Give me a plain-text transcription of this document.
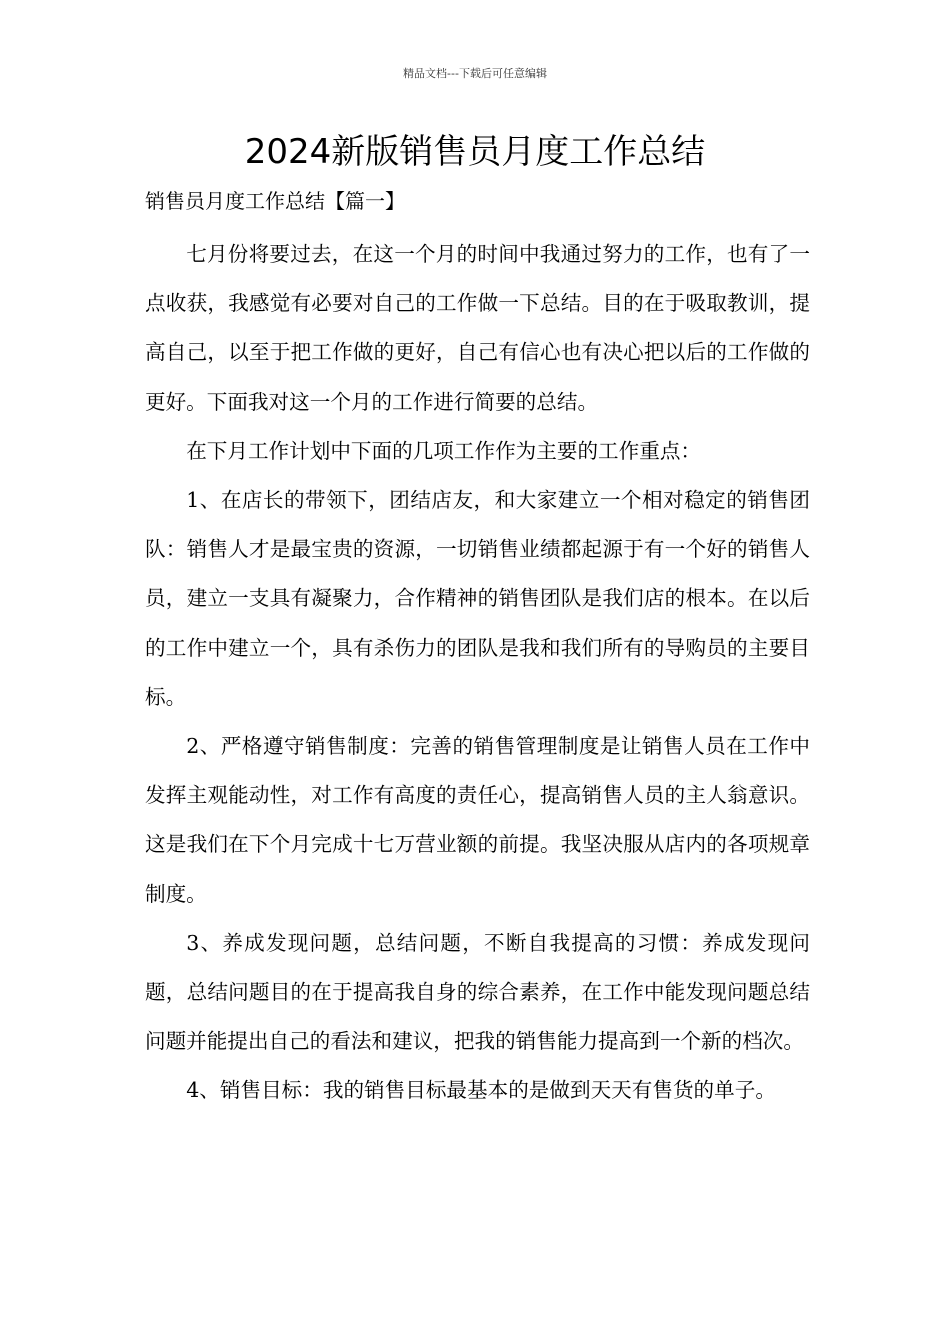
精品文档---下载后可任意编辑
2024新版销售员月度工作总结
销售员月度工作总结【篇一】

七月份将要过去，在这一个月的时间中我通过努力的工作，也有了一点收获，我感觉有必要对自己的工作做一下总结。目的在于吸取教训，提高自己，以至于把工作做的更好，自己有信心也有决心把以后的工作做的更好。下面我对这一个月的工作进行简要的总结。

在下月工作计划中下面的几项工作作为主要的工作重点：

1、在店长的带领下，团结店友，和大家建立一个相对稳定的销售团队：销售人才是最宝贵的资源，一切销售业绩都起源于有一个好的销售人员，建立一支具有凝聚力，合作精神的销售团队是我们店的根本。在以后的工作中建立一个，具有杀伤力的团队是我和我们所有的导购员的主要目标。

2、严格遵守销售制度：完善的销售管理制度是让销售人员在工作中发挥主观能动性，对工作有高度的责任心，提高销售人员的主人翁意识。这是我们在下个月完成十七万营业额的前提。我坚决服从店内的各项规章制度。

3、养成发现问题，总结问题，不断自我提高的习惯：养成发现问题，总结问题目的在于提高我自身的综合素养，在工作中能发现问题总结问题并能提出自己的看法和建议，把我的销售能力提高到一个新的档次。

4、销售目标：我的销售目标最基本的是做到天天有售货的单子。
